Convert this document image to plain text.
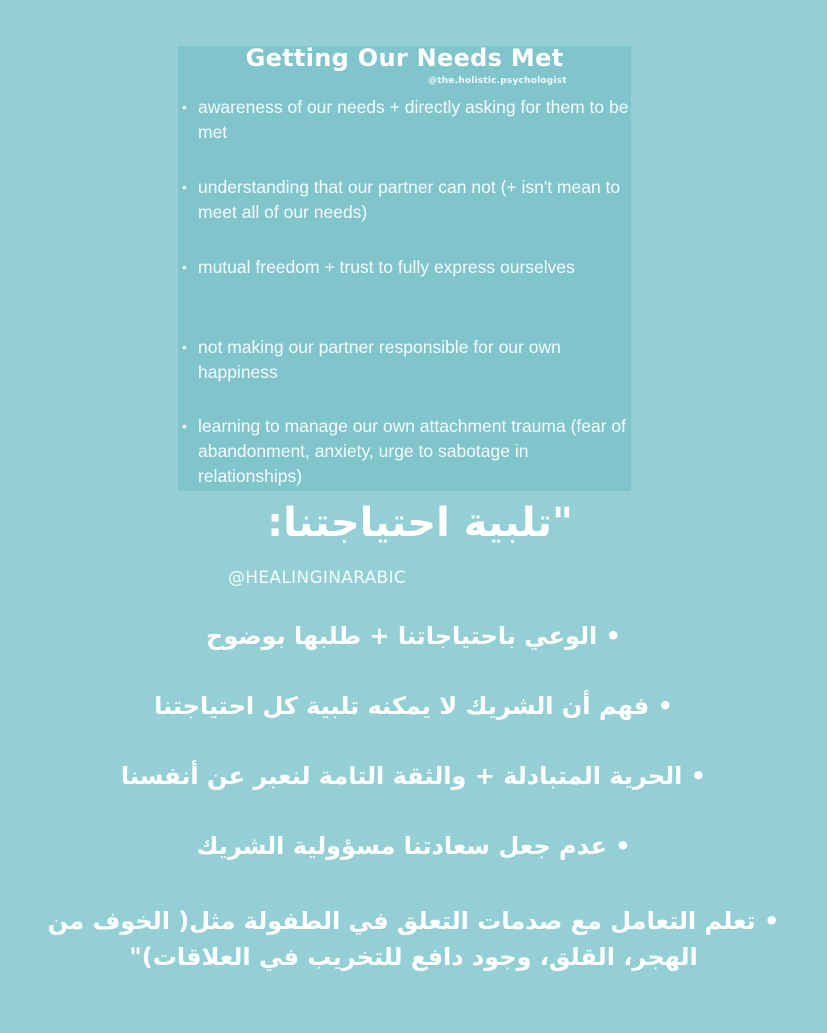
Getting Our Needs Met
@the.holistic.psychologist
• awareness of our needs + directly asking for them to be met
• understanding that our partner can not (+ isn't mean to meet all of our needs)
• mutual freedom + trust to fully express ourselves
• not making our partner responsible for our own happiness
• learning to manage our own attachment trauma (fear of abandonment, anxiety, urge to sabotage in relationships)
"تلبية احتياجتنا:
@HEALINGINARABIC

• الوعي باحتياجاتنا + طلبها بوضوح

• فهم أن الشريك لا يمكنه تلبية كل احتياجتنا

• الحرية المتبادلة + والثقة التامة لنعبر عن أنفسنا

• عدم جعل سعادتنا مسؤولية الشريك

• تعلم التعامل مع صدمات التعلق في الطفولة مثل( الخوف من الهجر، القلق، وجود دافع للتخريب في العلاقات)"
